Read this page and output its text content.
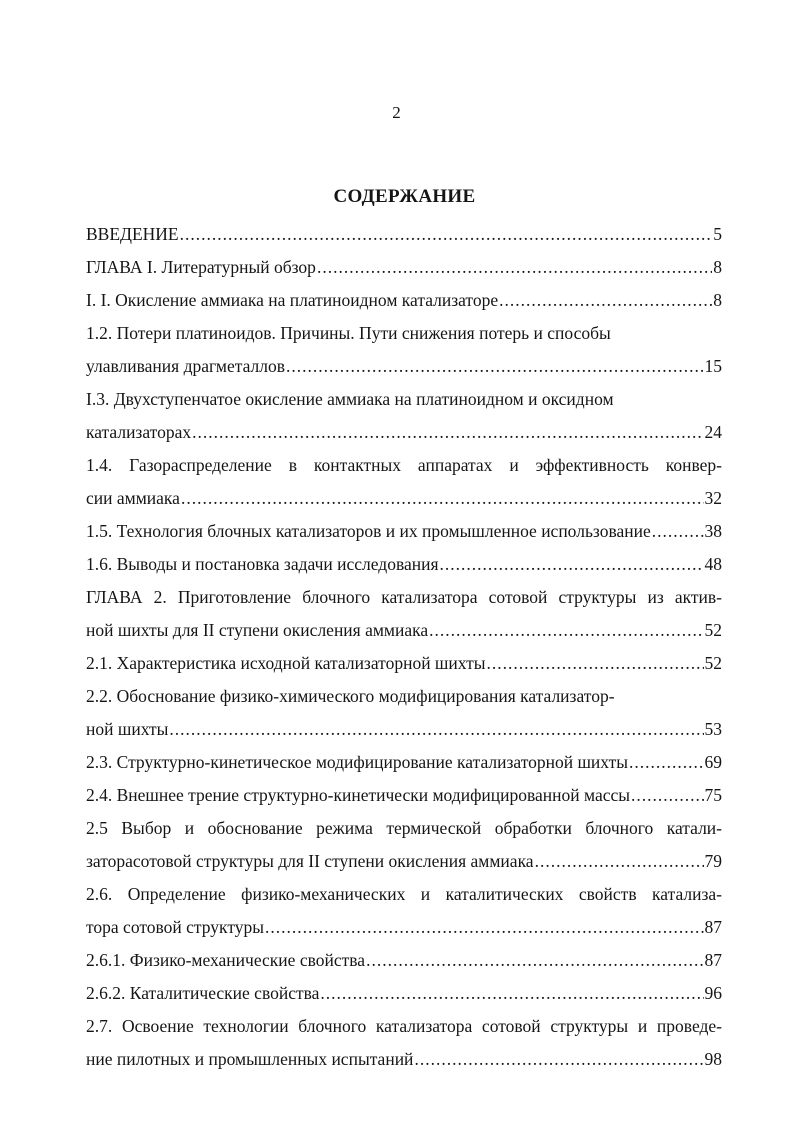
2
СОДЕРЖАНИЕ
ВВЕДЕНИЕ .....	5
ГЛАВА I. Литературный обзор .....	8
I. I. Окисление аммиака на платиноидном катализаторе .....	8
1.2. Потери платиноидов. Причины. Пути снижения потерь и способы
улавливания драгметаллов .....	15
I.3. Двухступенчатое окисление аммиака на платиноидном и оксидном
катализаторах .....	24
1.4. Газораспределение в контактных аппаратах и эффективность конвер-
сии аммиака .....	32
1.5. Технология блочных катализаторов и их промышленное использование .....	38
1.6. Выводы и постановка задачи исследования .....	48
ГЛАВА 2. Приготовление блочного катализатора сотовой структуры из актив-
ной шихты для II ступени окисления аммиака .....	52
2.1. Характеристика исходной катализаторной шихты .....	52
2.2. Обоснование физико-химического модифицирования катализатор-
ной шихты .....	53
2.3. Структурно-кинетическое модифицирование катализаторной шихты .....	69
2.4. Внешнее трение структурно-кинетически модифицированной массы .....	75
2.5 Выбор и обоснование режима термической обработки блочного катали-
заторасотовой структуры для II ступени окисления аммиака .....	79
2.6. Определение физико-механических и каталитических свойств катализа-
тора сотовой структуры .....	87
2.6.1. Физико-механические свойства .....	87
2.6.2. Каталитические свойства .....	96
2.7. Освоение технологии блочного катализатора сотовой структуры и проведе-
ние пилотных и промышленных испытаний .....	98
